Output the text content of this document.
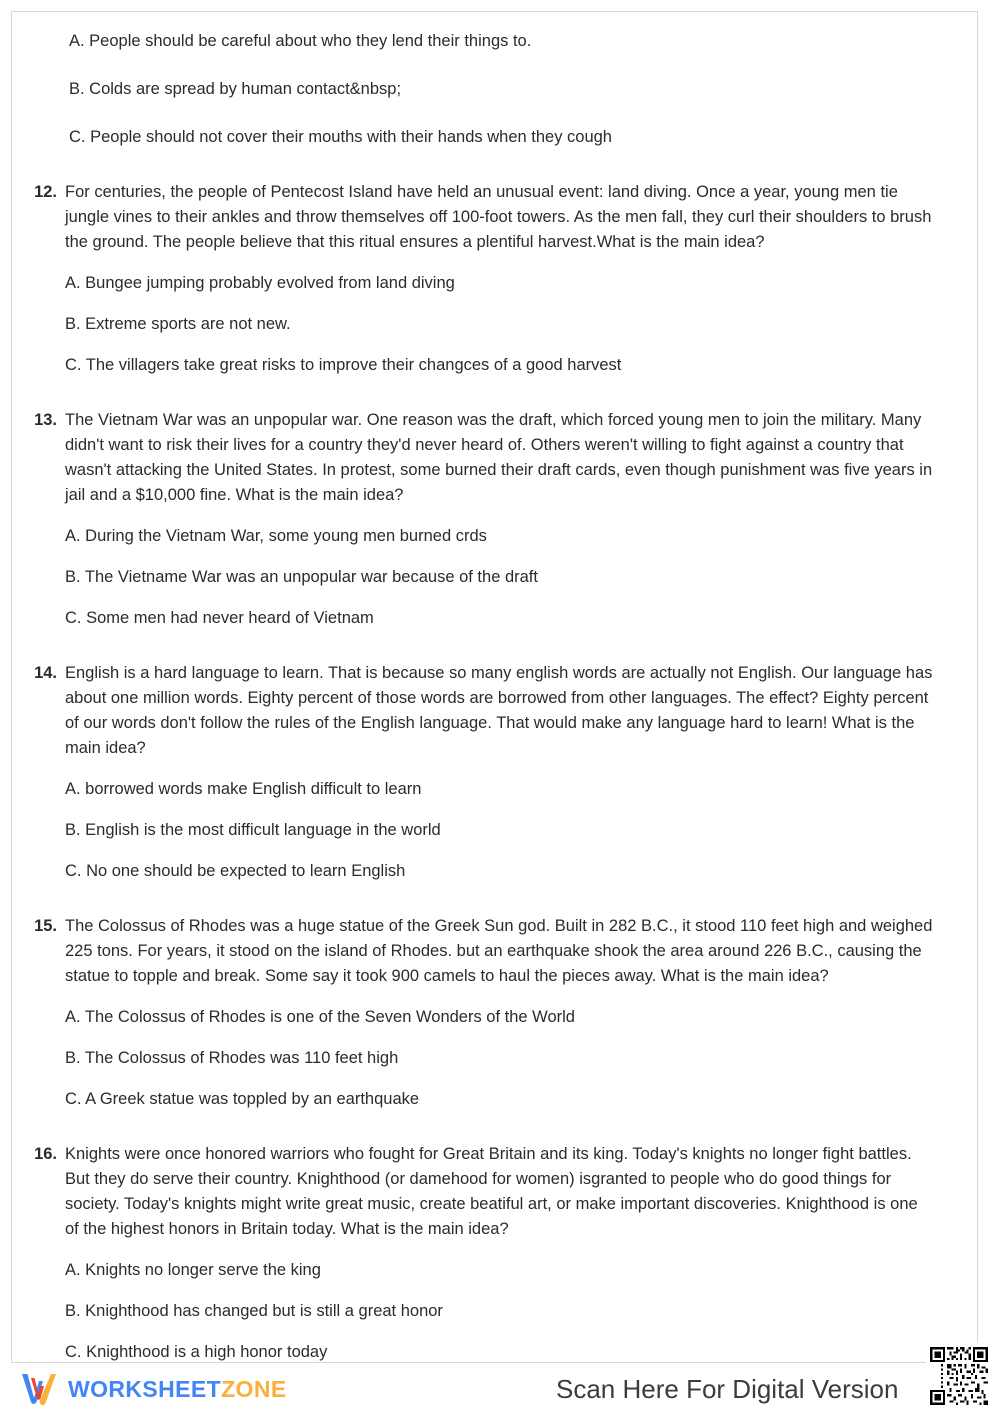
A. People should be careful about who they lend their things to.
B. Colds are spread by human contact&nbsp;
C. People should not cover their mouths with their hands when they cough
12. For centuries, the people of Pentecost Island have held an unusual event: land diving. Once a year, young men tie jungle vines to their ankles and throw themselves off 100-foot towers. As the men fall, they curl their shoulders to brush the ground. The people believe that this ritual ensures a plentiful harvest.What is the main idea?
A. Bungee jumping probably evolved from land diving
B. Extreme sports are not new.
C. The villagers take great risks to improve their changces of a good harvest
13. The Vietnam War was an unpopular war. One reason was the draft, which forced young men to join the military. Many didn't want to risk their lives for a country they'd never heard of. Others weren't willing to fight against a country that wasn't attacking the United States. In protest, some burned their draft cards, even though punishment was five years in jail and a $10,000 fine. What is the main idea?
A. During the Vietnam War, some young men burned crds
B. The Vietname War was an unpopular war because of the draft
C. Some men had never heard of Vietnam
14. English is a hard language to learn. That is because so many english words are actually not English. Our language has about one million words. Eighty percent of those words are borrowed from other languages. The effect? Eighty percent of our words don't follow the rules of the English language. That would make any language hard to learn! What is the main idea?
A. borrowed words make English difficult to learn
B. English is the most difficult language in the world
C. No one should be expected to learn English
15. The Colossus of Rhodes was a huge statue of the Greek Sun god. Built in 282 B.C., it stood 110 feet high and weighed 225 tons. For years, it stood on the island of Rhodes. but an earthquake shook the area around 226 B.C., causing the statue to topple and break. Some say it took 900 camels to haul the pieces away. What is the main idea?
A. The Colossus of Rhodes is one of the Seven Wonders of the World
B. The Colossus of Rhodes was 110 feet high
C. A Greek statue was toppled by an earthquake
16. Knights were once honored warriors who fought for Great Britain and its king. Today's knights no longer fight battles. But they do serve their country. Knighthood (or damehood for women) isgranted to people who do good things for society. Today's knights might write great music, create beatiful art, or make important discoveries. Knighthood is one of the highest honors in Britain today. What is the main idea?
A. Knights no longer serve the king
B. Knighthood has changed but is still a great honor
C. Knighthood is a high honor today
WORKSHEETZONE	Scan Here For Digital Version
